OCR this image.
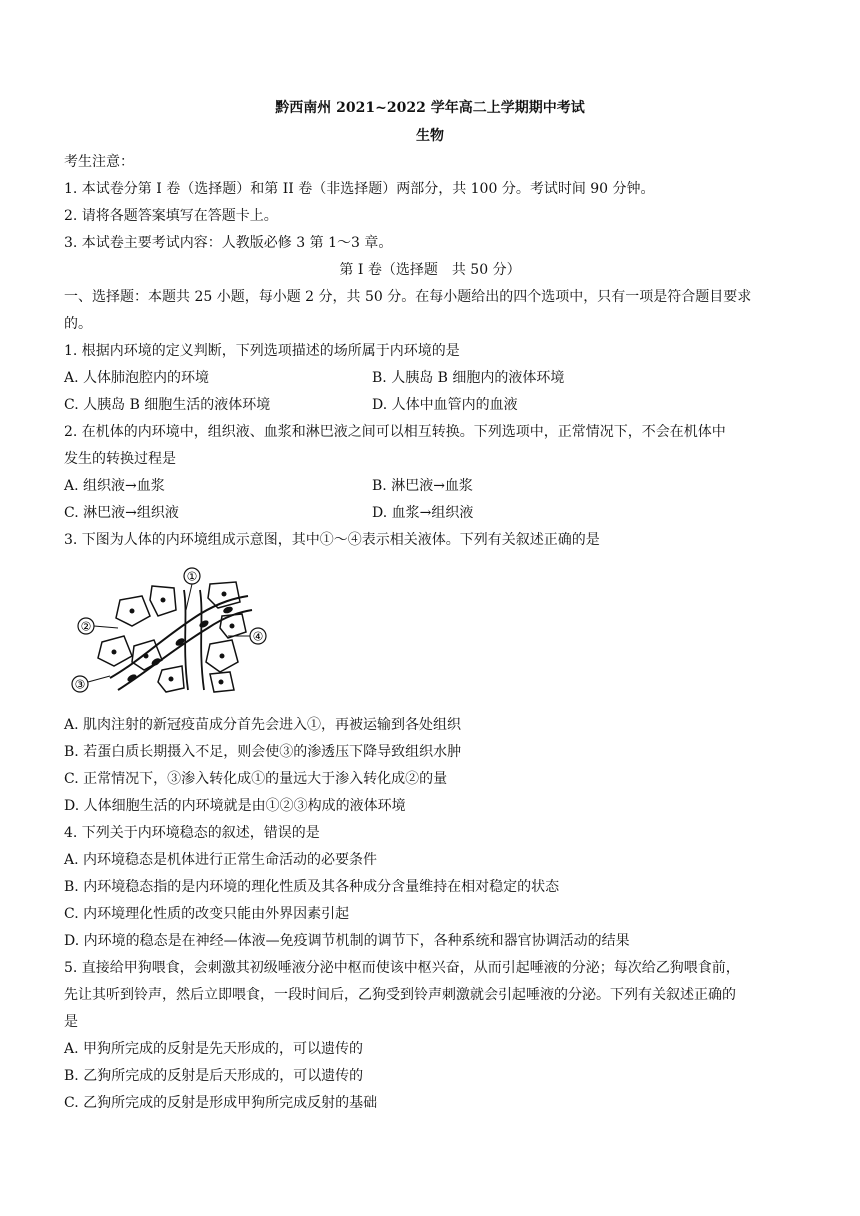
黔西南州 2021~2022 学年高二上学期期中考试
生物
考生注意：
1. 本试卷分第 I 卷（选择题）和第 II 卷（非选择题）两部分，共 100 分。考试时间 90 分钟。
2. 请将各题答案填写在答题卡上。
3. 本试卷主要考试内容：人教版必修 3 第 1～3 章。
第 I 卷（选择题　共 50 分）
一、选择题：本题共 25 小题，每小题 2 分，共 50 分。在每小题给出的四个选项中，只有一项是符合题目要求
的。
1. 根据内环境的定义判断，下列选项描述的场所属于内环境的是
A. 人体肺泡腔内的环境	B. 人胰岛 B 细胞内的液体环境
C. 人胰岛 B 细胞生活的液体环境	D. 人体中血管内的血液
2. 在机体的内环境中，组织液、血浆和淋巴液之间可以相互转换。下列选项中，正常情况下，不会在机体中
发生的转换过程是
A. 组织液→血浆	B. 淋巴液→血浆
C. 淋巴液→组织液	D. 血浆→组织液
3. 下图为人体的内环境组成示意图，其中①～④表示相关液体。下列有关叙述正确的是
①
②
③
④
A. 肌肉注射的新冠疫苗成分首先会进入①，再被运输到各处组织
B. 若蛋白质长期摄入不足，则会使③的渗透压下降导致组织水肿
C. 正常情况下，③渗入转化成①的量远大于渗入转化成②的量
D. 人体细胞生活的内环境就是由①②③构成的液体环境
4. 下列关于内环境稳态的叙述，错误的是
A. 内环境稳态是机体进行正常生命活动的必要条件
B. 内环境稳态指的是内环境的理化性质及其各种成分含量维持在相对稳定的状态
C. 内环境理化性质的改变只能由外界因素引起
D. 内环境的稳态是在神经—体液—免疫调节机制的调节下，各种系统和器官协调活动的结果
5. 直接给甲狗喂食，会刺激其初级唾液分泌中枢而使该中枢兴奋，从而引起唾液的分泌；每次给乙狗喂食前，
先让其听到铃声，然后立即喂食，一段时间后，乙狗受到铃声刺激就会引起唾液的分泌。下列有关叙述正确的
是
A. 甲狗所完成的反射是先天形成的，可以遗传的
B. 乙狗所完成的反射是后天形成的，可以遗传的
C. 乙狗所完成的反射是形成甲狗所完成反射的基础
